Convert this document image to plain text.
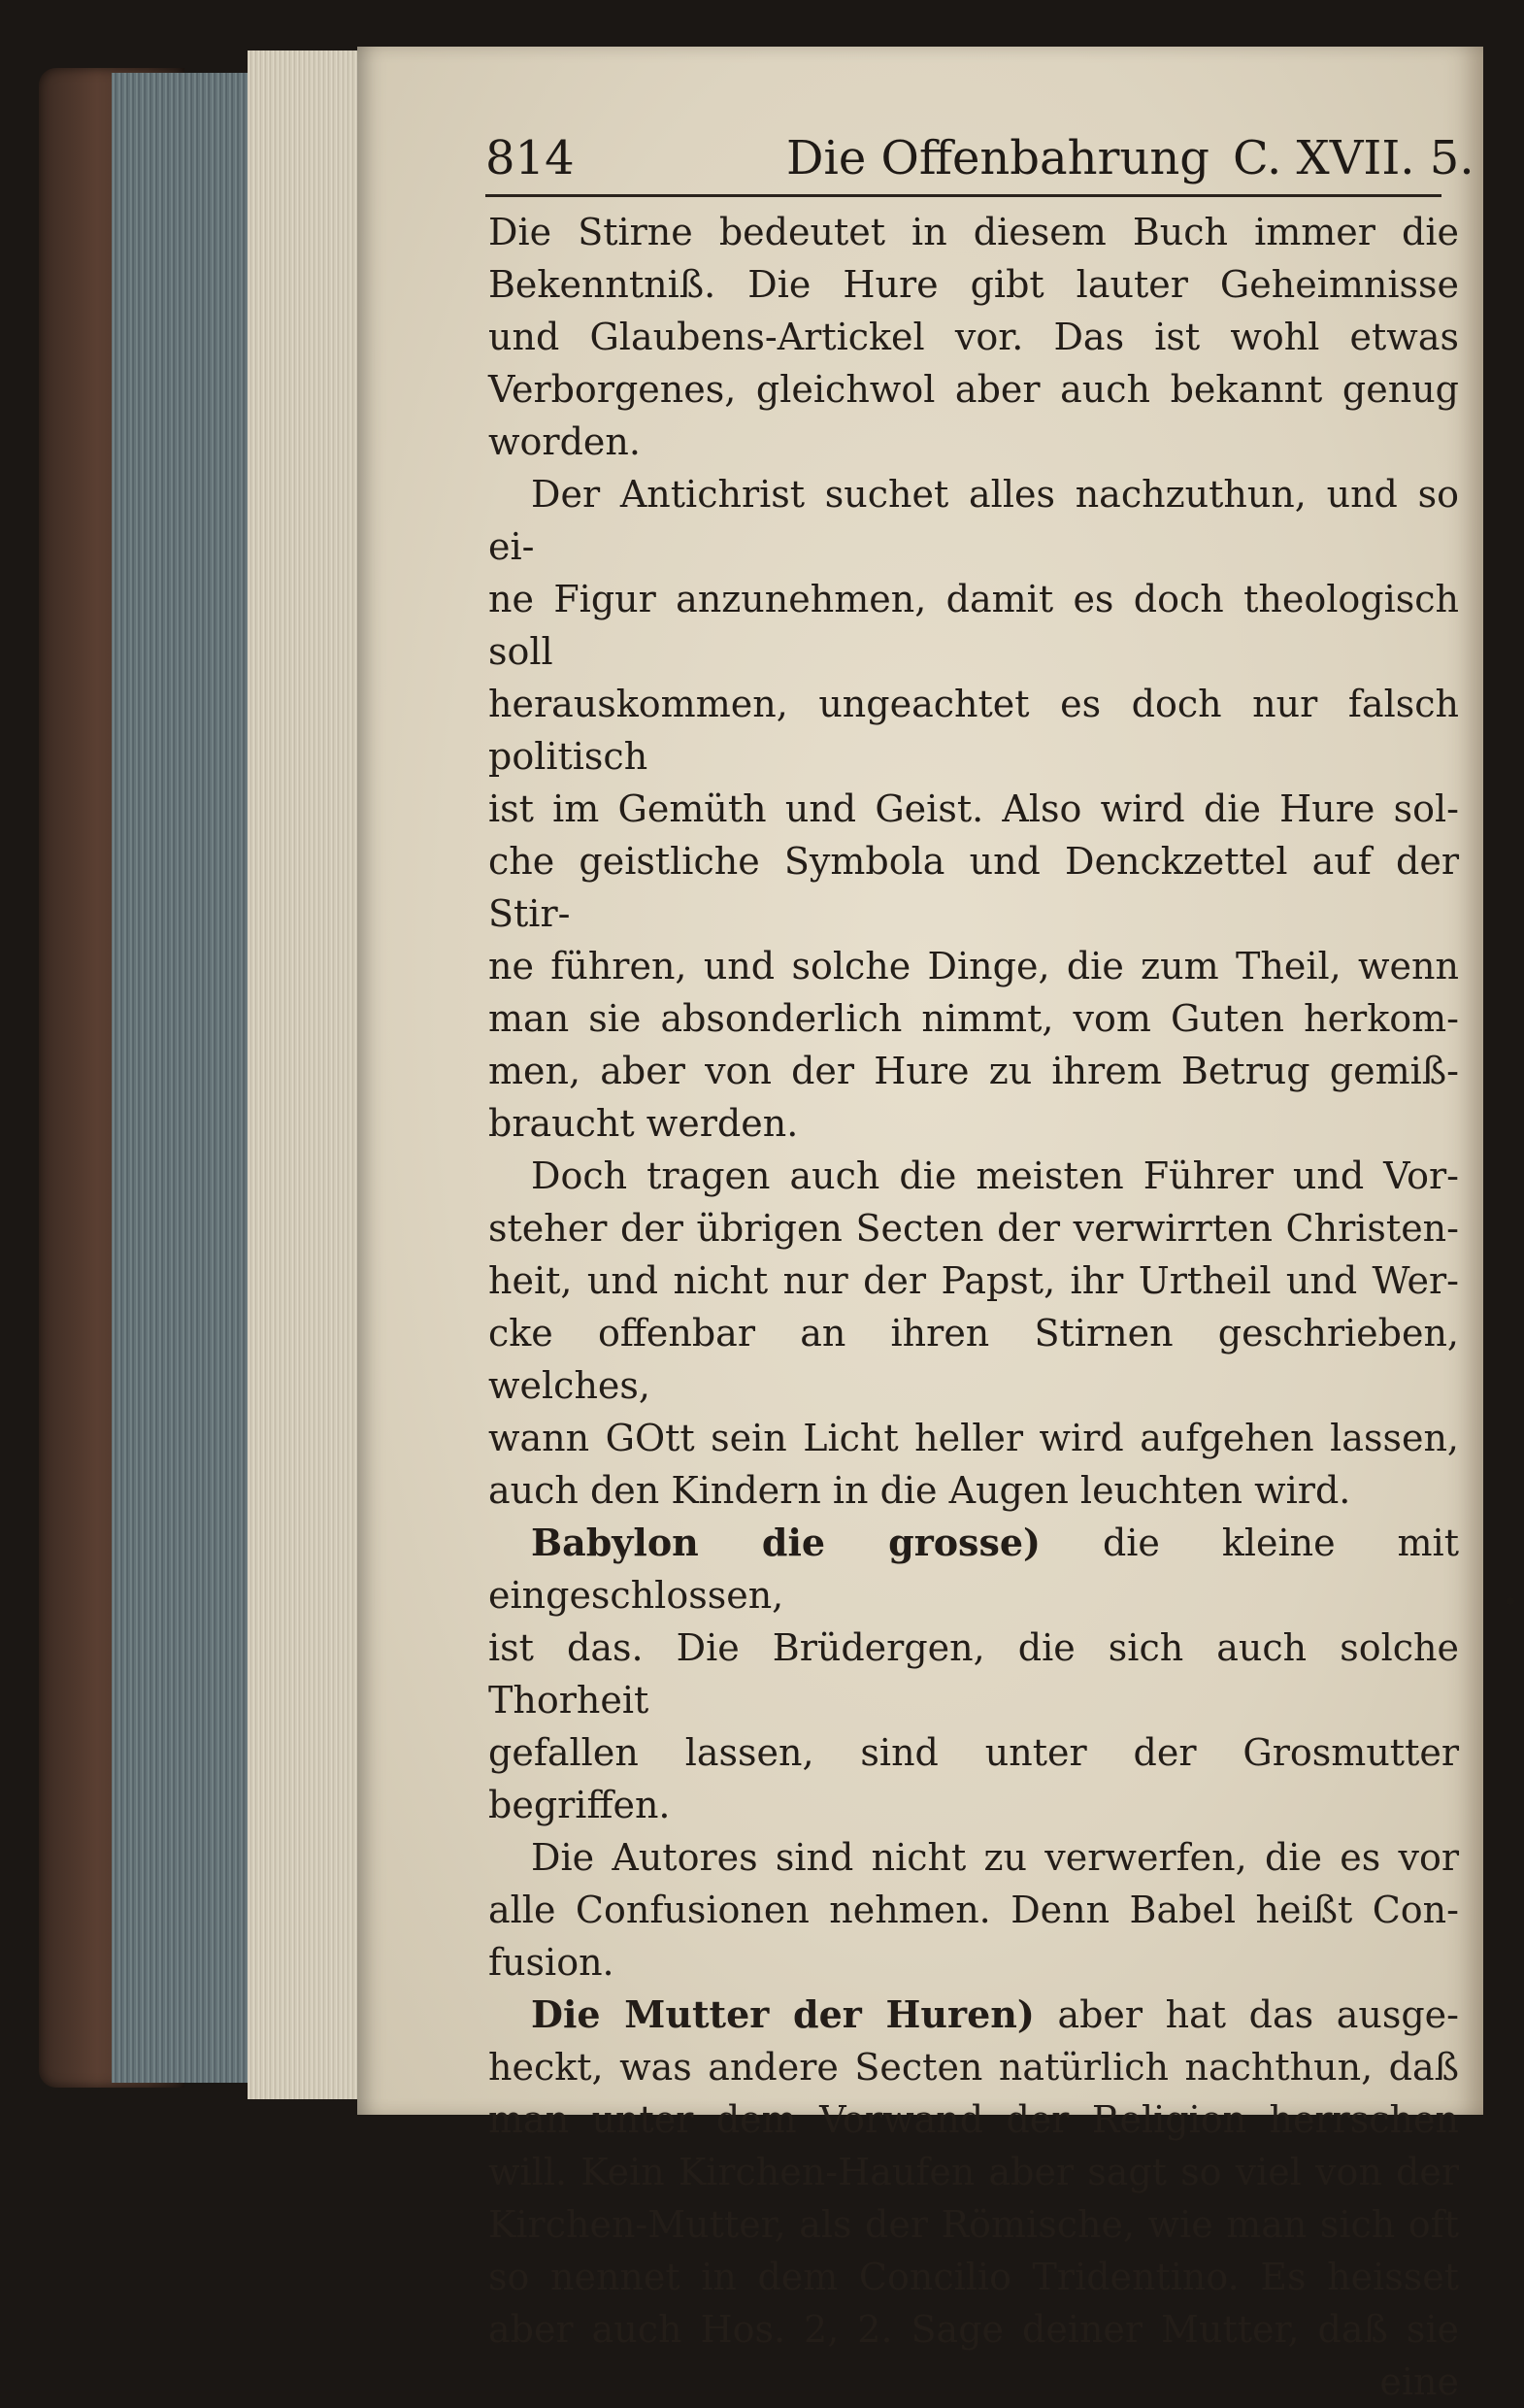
814	Die Offenbahrung C. XVII. 5.

Die Stirne bedeutet in diesem Buch immer die

Bekenntniß. Die Hure gibt lauter Geheimnisse

und Glaubens-Artickel vor. Das ist wohl etwas

Verborgenes, gleichwol aber auch bekannt genug

worden.

Der Antichrist suchet alles nachzuthun, und so ei-

ne Figur anzunehmen, damit es doch theologisch soll

herauskommen, ungeachtet es doch nur falsch politisch

ist im Gemüth und Geist. Also wird die Hure sol-

che geistliche Symbola und Denckzettel auf der Stir-

ne führen, und solche Dinge, die zum Theil, wenn

man sie absonderlich nimmt, vom Guten herkom-

men, aber von der Hure zu ihrem Betrug gemiß-

braucht werden.

Doch tragen auch die meisten Führer und Vor-

steher der übrigen Secten der verwirrten Christen-

heit, und nicht nur der Papst, ihr Urtheil und Wer-

cke offenbar an ihren Stirnen geschrieben, welches,

wann GOtt sein Licht heller wird aufgehen lassen,

auch den Kindern in die Augen leuchten wird.

Babylon die grosse) die kleine mit eingeschlossen,

ist das. Die Brüdergen, die sich auch solche Thorheit

gefallen lassen, sind unter der Grosmutter begriffen.

Die Autores sind nicht zu verwerfen, die es vor

alle Confusionen nehmen. Denn Babel heißt Con-

fusion.

Die Mutter der Huren) aber hat das ausge-

heckt, was andere Secten natürlich nachthun, daß

man unter dem Vorwand der Religion herrschen

will. Kein Kirchen-Haufen aber sagt so viel von der

Kirchen-Mutter, als der Römische, wie man sich oft

so nennet in dem Concilio Tridentino. Es heisset

aber auch Hos. 2, 2. Sage deiner Mutter, daß sie

eine
